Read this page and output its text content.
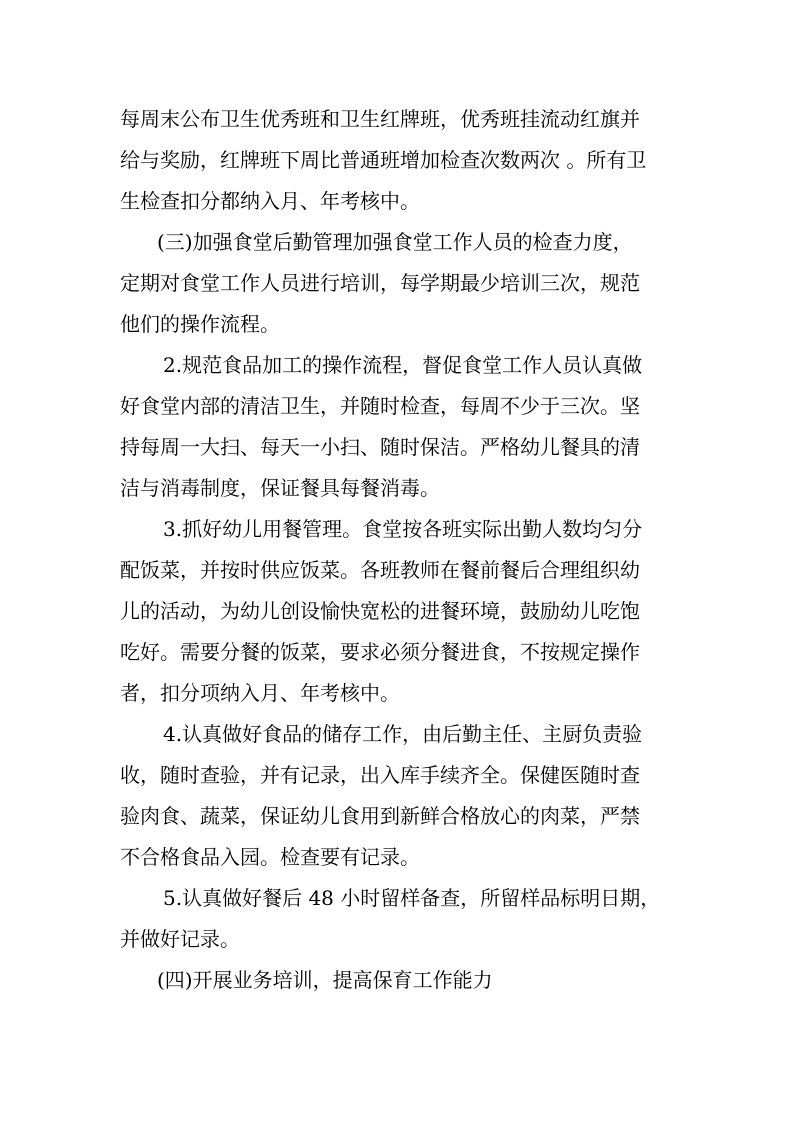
每周末公布卫生优秀班和卫生红牌班，优秀班挂流动红旗并
给与奖励，红牌班下周比普通班增加检查次数两次 。所有卫
生检查扣分都纳入月、年考核中。
(三)加强食堂后勤管理加强食堂工作人员的检查力度，
定期对食堂工作人员进行培训，每学期最少培训三次，规范
他们的操作流程。
2.规范食品加工的操作流程，督促食堂工作人员认真做
好食堂内部的清洁卫生，并随时检查，每周不少于三次。坚
持每周一大扫、每天一小扫、随时保洁。严格幼儿餐具的清
洁与消毒制度，保证餐具每餐消毒。
3.抓好幼儿用餐管理。食堂按各班实际出勤人数均匀分
配饭菜，并按时供应饭菜。各班教师在餐前餐后合理组织幼
儿的活动，为幼儿创设愉快宽松的进餐环境，鼓励幼儿吃饱
吃好。需要分餐的饭菜，要求必须分餐进食，不按规定操作
者，扣分项纳入月、年考核中。
4.认真做好食品的储存工作，由后勤主任、主厨负责验
收，随时查验，并有记录，出入库手续齐全。保健医随时查
验肉食、蔬菜，保证幼儿食用到新鲜合格放心的肉菜，严禁
不合格食品入园。检查要有记录。
5.认真做好餐后 48 小时留样备查，所留样品标明日期，
并做好记录。
(四)开展业务培训，提高保育工作能力
